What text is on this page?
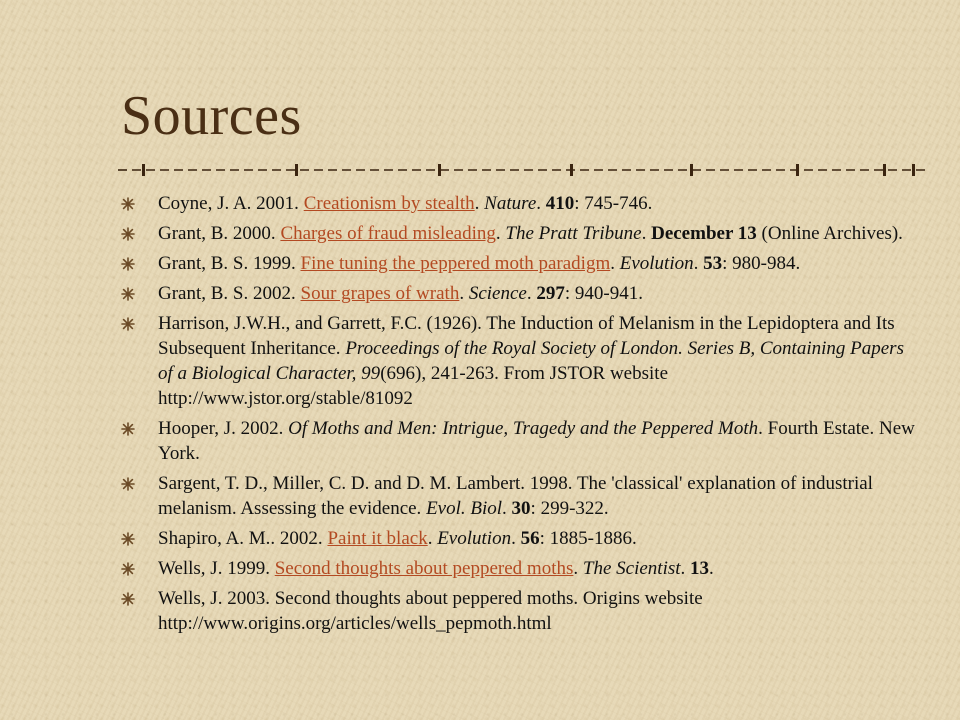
Sources
Coyne, J. A. 2001. Creationism by stealth. Nature. 410: 745-746.
Grant, B. 2000. Charges of fraud misleading. The Pratt Tribune. December 13 (Online Archives).
Grant, B. S. 1999. Fine tuning the peppered moth paradigm. Evolution. 53: 980-984.
Grant, B. S. 2002. Sour grapes of wrath. Science. 297: 940-941.
Harrison, J.W.H., and Garrett, F.C. (1926). The Induction of Melanism in the Lepidoptera and Its Subsequent Inheritance. Proceedings of the Royal Society of London. Series B, Containing Papers of a Biological Character, 99(696), 241-263. From JSTOR website http://www.jstor.org/stable/81092
Hooper, J. 2002. Of Moths and Men: Intrigue, Tragedy and the Peppered Moth. Fourth Estate. New York.
Sargent, T. D., Miller, C. D. and D. M. Lambert. 1998. The 'classical' explanation of industrial melanism. Assessing the evidence. Evol. Biol. 30: 299-322.
Shapiro, A. M.. 2002. Paint it black. Evolution. 56: 1885-1886.
Wells, J. 1999. Second thoughts about peppered moths. The Scientist. 13.
Wells, J. 2003. Second thoughts about peppered moths. Origins website http://www.origins.org/articles/wells_pepmoth.html
